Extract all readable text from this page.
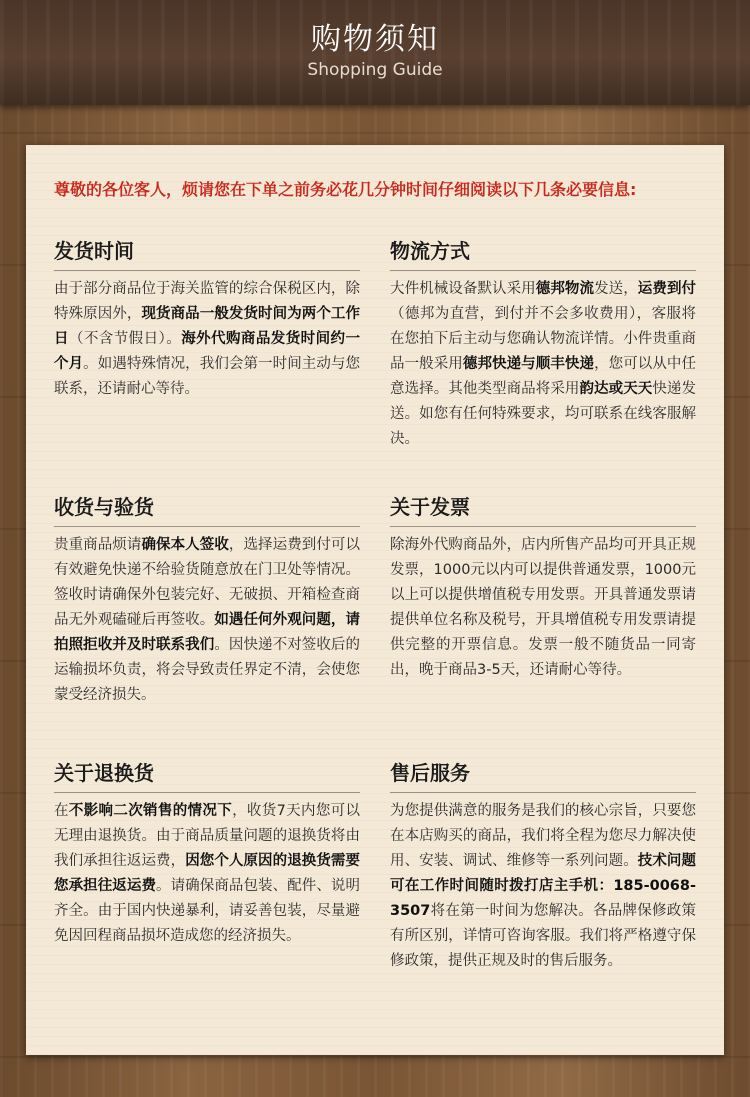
购物须知
Shopping Guide
尊敬的各位客人，烦请您在下单之前务必花几分钟时间仔细阅读以下几条必要信息:
发货时间
由于部分商品位于海关监管的综合保税区内，除特殊原因外，现货商品一般发货时间为两个工作日（不含节假日）。海外代购商品发货时间约一个月。如遇特殊情况，我们会第一时间主动与您联系，还请耐心等待。
物流方式
大件机械设备默认采用德邦物流发送，运费到付（德邦为直营，到付并不会多收费用），客服将在您拍下后主动与您确认物流详情。小件贵重商品一般采用德邦快递与顺丰快递，您可以从中任意选择。其他类型商品将采用韵达或天天快递发送。如您有任何特殊要求，均可联系在线客服解决。
收货与验货
贵重商品烦请确保本人签收，选择运费到付可以有效避免快递不给验货随意放在门卫处等情况。签收时请确保外包装完好、无破损、开箱检查商品无外观磕碰后再签收。如遇任何外观问题，请拍照拒收并及时联系我们。因快递不对签收后的运输损坏负责，将会导致责任界定不清，会使您蒙受经济损失。
关于发票
除海外代购商品外，店内所售产品均可开具正规发票，1000元以内可以提供普通发票，1000元以上可以提供增值税专用发票。开具普通发票请提供单位名称及税号，开具增值税专用发票请提供完整的开票信息。发票一般不随货品一同寄出，晚于商品3-5天，还请耐心等待。
关于退换货
在不影响二次销售的情况下，收货7天内您可以无理由退换货。由于商品质量问题的退换货将由我们承担往返运费，因您个人原因的退换货需要您承担往返运费。请确保商品包装、配件、说明齐全。由于国内快递暴利，请妥善包装，尽量避免因回程商品损坏造成您的经济损失。
售后服务
为您提供满意的服务是我们的核心宗旨，只要您在本店购买的商品，我们将全程为您尽力解决使用、安装、调试、维修等一系列问题。技术问题可在工作时间随时拨打店主手机：185-0068-3507将在第一时间为您解决。各品牌保修政策有所区别，详情可咨询客服。我们将严格遵守保修政策，提供正规及时的售后服务。
